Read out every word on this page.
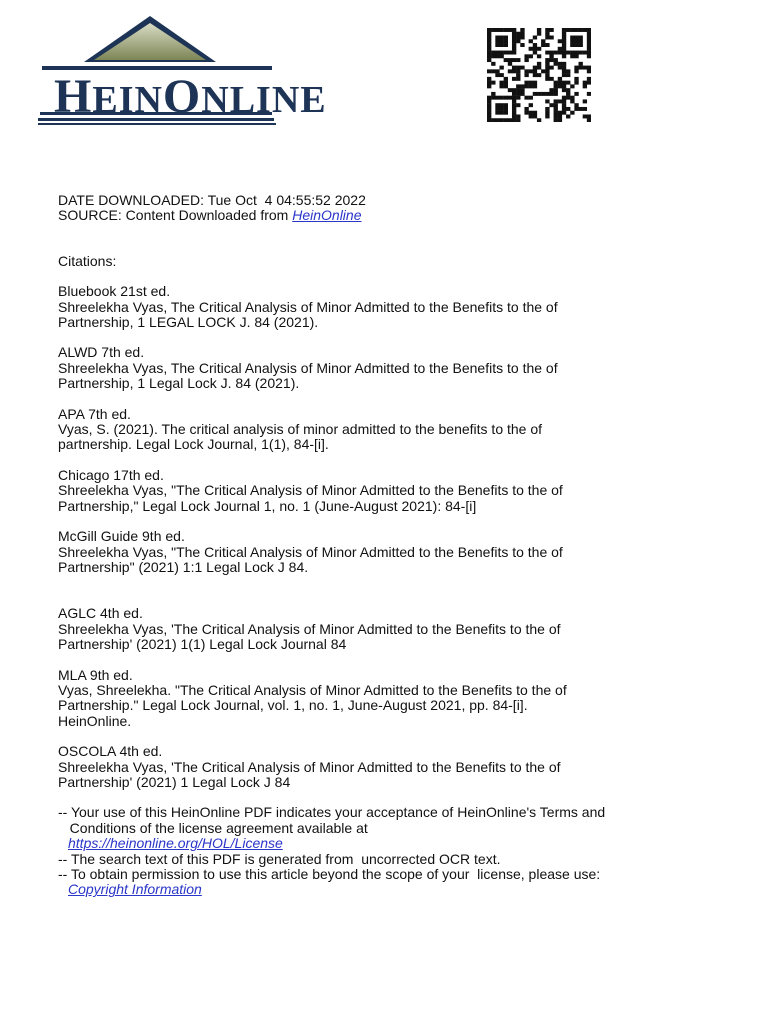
HEINONLINE
DATE DOWNLOADED: Tue Oct  4 04:55:52 2022
SOURCE: Content Downloaded from HeinOnline
Citations:
Bluebook 21st ed.
Shreelekha Vyas, The Critical Analysis of Minor Admitted to the Benefits to the of
Partnership, 1 LEGAL LOCK J. 84 (2021).
ALWD 7th ed.
Shreelekha Vyas, The Critical Analysis of Minor Admitted to the Benefits to the of
Partnership, 1 Legal Lock J. 84 (2021).
APA 7th ed.
Vyas, S. (2021). The critical analysis of minor admitted to the benefits to the of
partnership. Legal Lock Journal, 1(1), 84-[i].
Chicago 17th ed.
Shreelekha Vyas, "The Critical Analysis of Minor Admitted to the Benefits to the of
Partnership," Legal Lock Journal 1, no. 1 (June-August 2021): 84-[i]
McGill Guide 9th ed.
Shreelekha Vyas, "The Critical Analysis of Minor Admitted to the Benefits to the of
Partnership" (2021) 1:1 Legal Lock J 84.
AGLC 4th ed.
Shreelekha Vyas, 'The Critical Analysis of Minor Admitted to the Benefits to the of
Partnership' (2021) 1(1) Legal Lock Journal 84
MLA 9th ed.
Vyas, Shreelekha. "The Critical Analysis of Minor Admitted to the Benefits to the of
Partnership." Legal Lock Journal, vol. 1, no. 1, June-August 2021, pp. 84-[i].
HeinOnline.
OSCOLA 4th ed.
Shreelekha Vyas, 'The Critical Analysis of Minor Admitted to the Benefits to the of
Partnership' (2021) 1 Legal Lock J 84
-- Your use of this HeinOnline PDF indicates your acceptance of HeinOnline's Terms and
Conditions of the license agreement available at
https://heinonline.org/HOL/License
-- The search text of this PDF is generated from  uncorrected OCR text.
-- To obtain permission to use this article beyond the scope of your  license, please use:
Copyright Information
